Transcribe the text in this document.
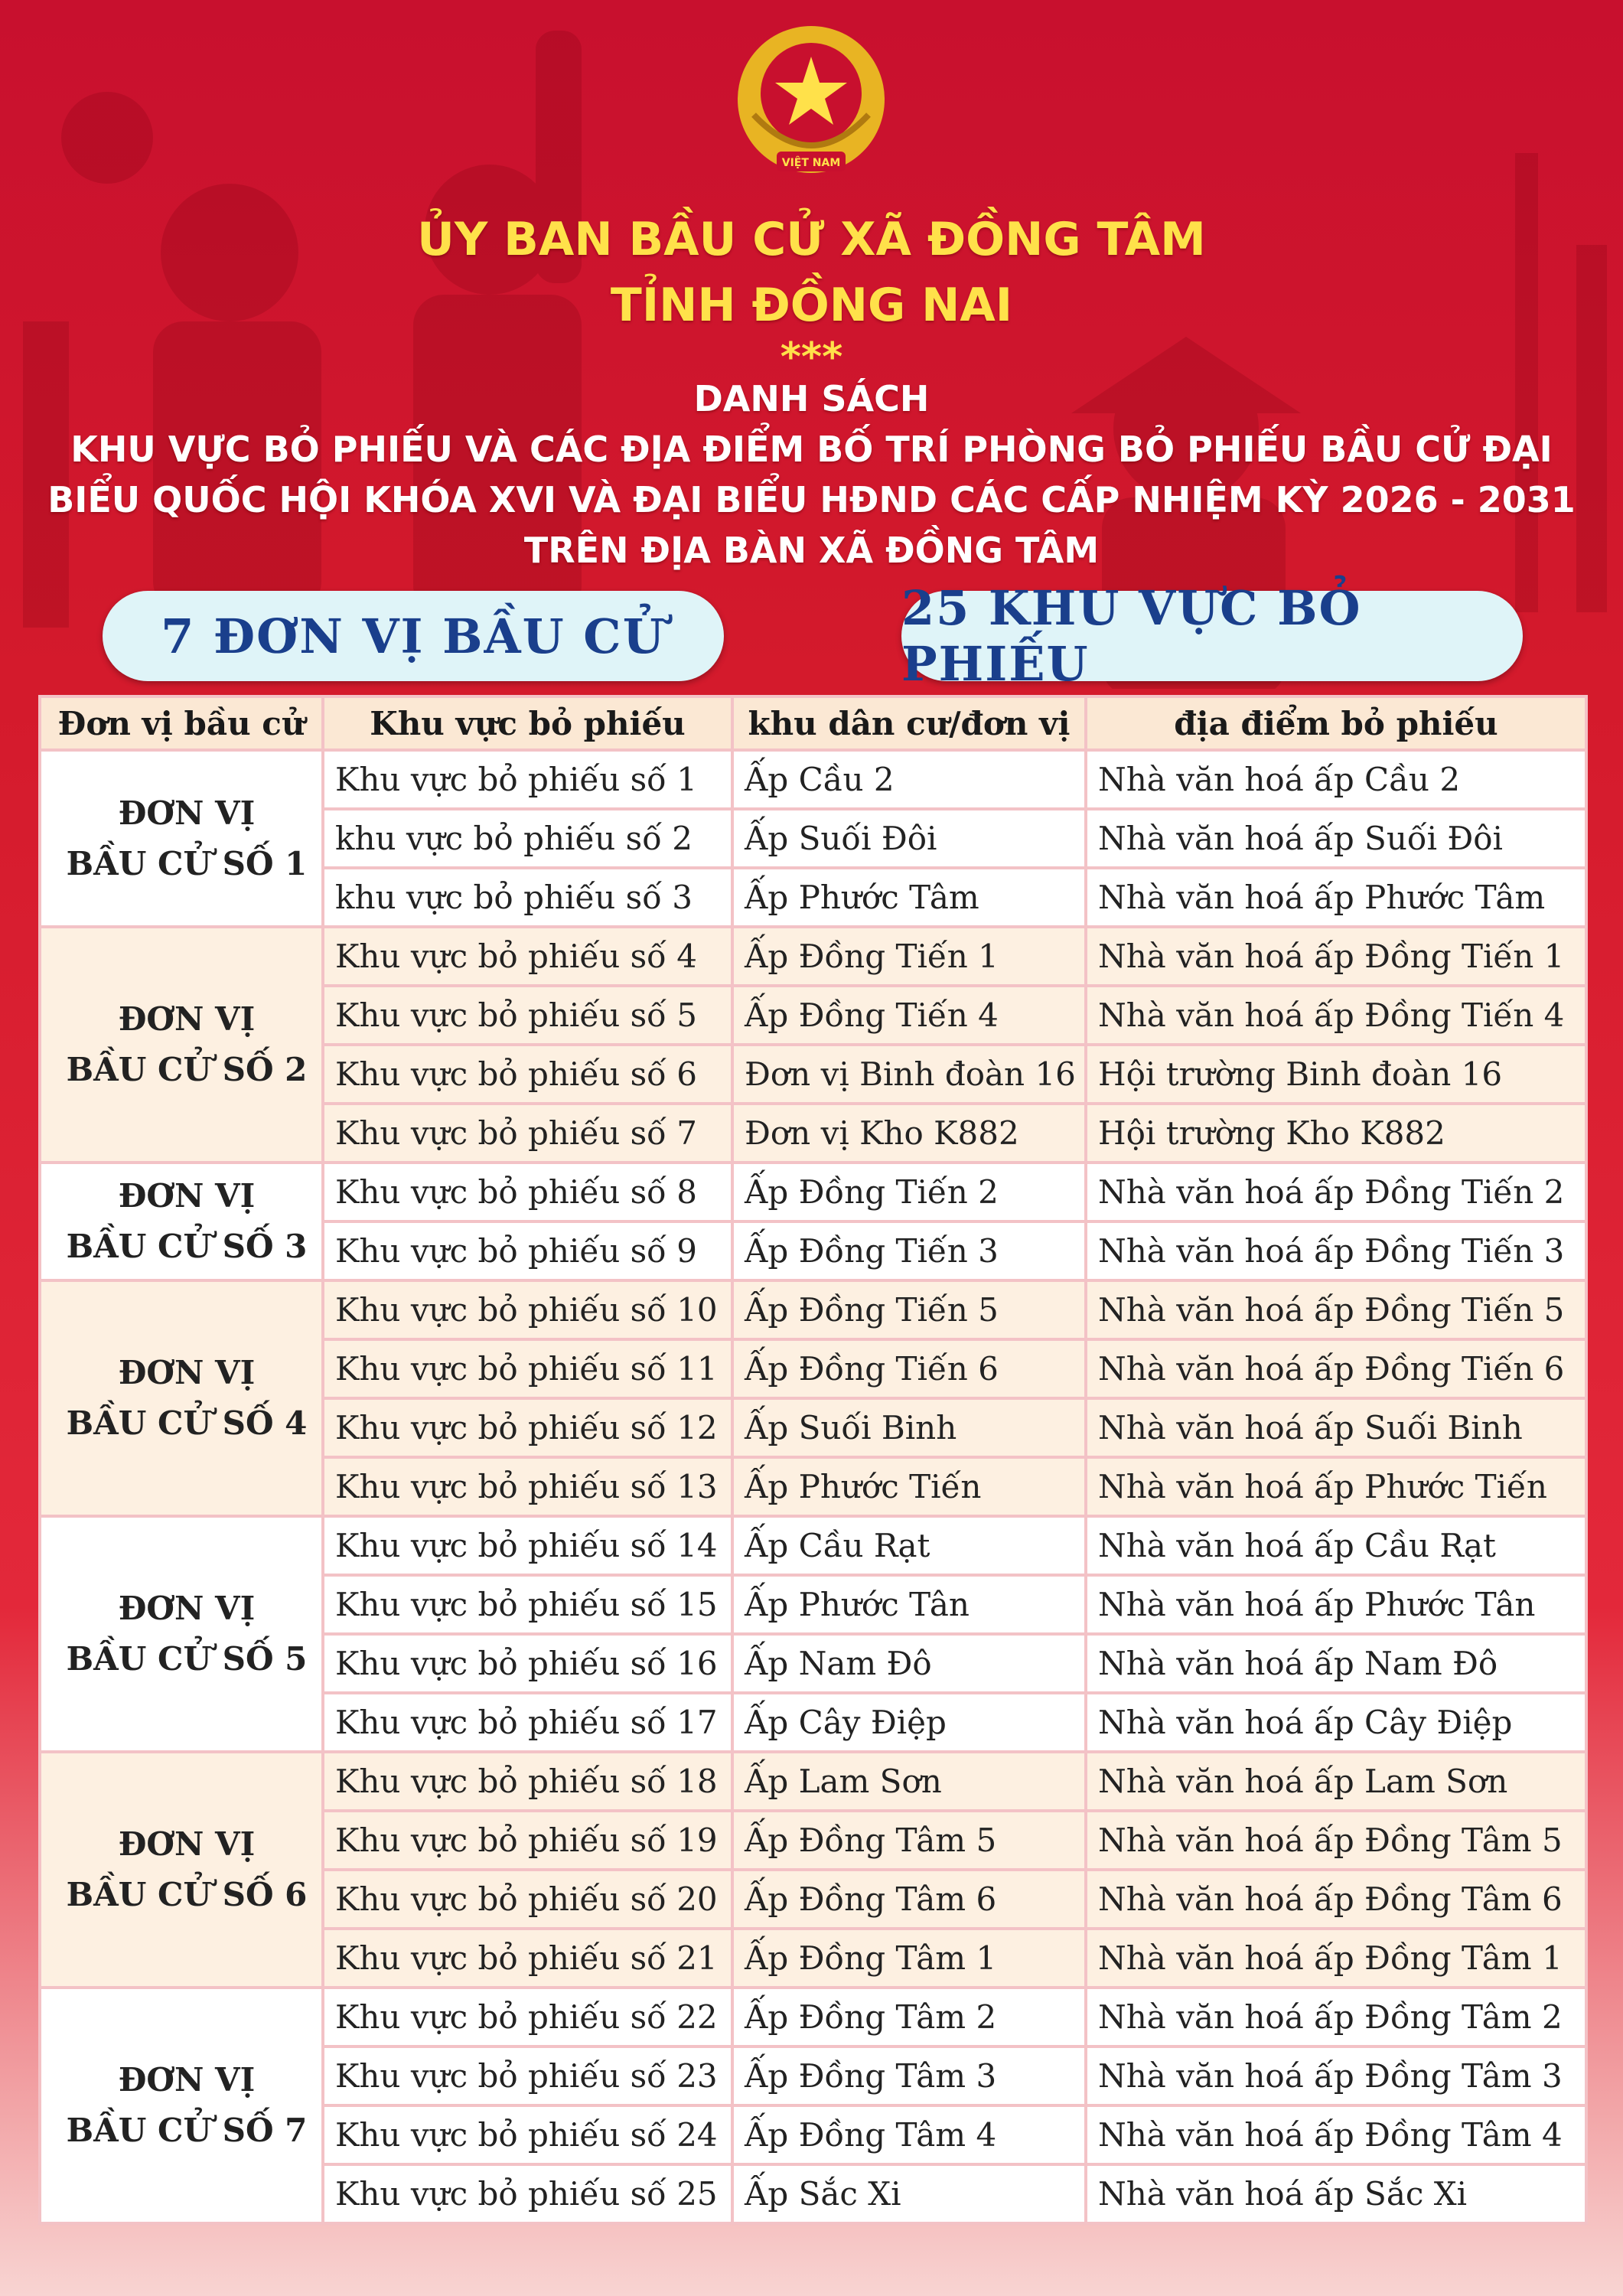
VIỆT NAM
ỦY BAN BẦU CỬ XÃ ĐỒNG TÂM
TỈNH ĐỒNG NAI
***
DANH SÁCH
KHU VỰC BỎ PHIẾU VÀ CÁC ĐỊA ĐIỂM BỐ TRÍ PHÒNG BỎ PHIẾU BẦU CỬ ĐẠI
BIỂU QUỐC HỘI KHÓA XVI VÀ ĐẠI BIỂU HĐND CÁC CẤP NHIỆM KỲ 2026 - 2031
TRÊN ĐỊA BÀN XÃ ĐỒNG TÂM
7 ĐƠN VỊ BẦU CỬ	25 KHU VỰC BỎ PHIẾU
Đơn vị bầu cử	Khu vực bỏ phiếu	khu dân cư/đơn vị	địa điểm bỏ phiếu

ĐƠN VỊ
BẦU CỬ SỐ 1	Khu vực bỏ phiếu số 1	Ấp Cầu 2	Nhà văn hoá ấp Cầu 2
	khu vực bỏ phiếu số 2	Ấp Suối Đôi	Nhà văn hoá ấp Suối Đôi
	khu vực bỏ phiếu số 3	Ấp Phước Tâm	Nhà văn hoá ấp Phước Tâm

ĐƠN VỊ
BẦU CỬ SỐ 2	Khu vực bỏ phiếu số 4	Ấp Đồng Tiến 1	Nhà văn hoá ấp Đồng Tiến 1
	Khu vực bỏ phiếu số 5	Ấp Đồng Tiến 4	Nhà văn hoá ấp Đồng Tiến 4
	Khu vực bỏ phiếu số 6	Đơn vị Binh đoàn 16	Hội trường Binh đoàn 16
	Khu vực bỏ phiếu số 7	Đơn vị Kho K882	Hội trường Kho K882

ĐƠN VỊ
BẦU CỬ SỐ 3	Khu vực bỏ phiếu số 8	Ấp Đồng Tiến 2	Nhà văn hoá ấp Đồng Tiến 2
	Khu vực bỏ phiếu số 9	Ấp Đồng Tiến 3	Nhà văn hoá ấp Đồng Tiến 3

ĐƠN VỊ
BẦU CỬ SỐ 4	Khu vực bỏ phiếu số 10	Ấp Đồng Tiến 5	Nhà văn hoá ấp Đồng Tiến 5
	Khu vực bỏ phiếu số 11	Ấp Đồng Tiến 6	Nhà văn hoá ấp Đồng Tiến 6
	Khu vực bỏ phiếu số 12	Ấp Suối Binh	Nhà văn hoá ấp Suối Binh
	Khu vực bỏ phiếu số 13	Ấp Phước Tiến	Nhà văn hoá ấp Phước Tiến

ĐƠN VỊ
BẦU CỬ SỐ 5	Khu vực bỏ phiếu số 14	Ấp Cầu Rạt	Nhà văn hoá ấp Cầu Rạt
	Khu vực bỏ phiếu số 15	Ấp Phước Tân	Nhà văn hoá ấp Phước Tân
	Khu vực bỏ phiếu số 16	Ấp Nam Đô	Nhà văn hoá ấp Nam Đô
	Khu vực bỏ phiếu số 17	Ấp Cây Điệp	Nhà văn hoá ấp Cây Điệp

ĐƠN VỊ
BẦU CỬ SỐ 6	Khu vực bỏ phiếu số 18	Ấp Lam Sơn	Nhà văn hoá ấp Lam Sơn
	Khu vực bỏ phiếu số 19	Ấp Đồng Tâm 5	Nhà văn hoá ấp Đồng Tâm 5
	Khu vực bỏ phiếu số 20	Ấp Đồng Tâm 6	Nhà văn hoá ấp Đồng Tâm 6
	Khu vực bỏ phiếu số 21	Ấp Đồng Tâm 1	Nhà văn hoá ấp Đồng Tâm 1

ĐƠN VỊ
BẦU CỬ SỐ 7	Khu vực bỏ phiếu số 22	Ấp Đồng Tâm 2	Nhà văn hoá ấp Đồng Tâm 2
	Khu vực bỏ phiếu số 23	Ấp Đồng Tâm 3	Nhà văn hoá ấp Đồng Tâm 3
	Khu vực bỏ phiếu số 24	Ấp Đồng Tâm 4	Nhà văn hoá ấp Đồng Tâm 4
	Khu vực bỏ phiếu số 25	Ấp Sắc Xi	Nhà văn hoá ấp Sắc Xi
